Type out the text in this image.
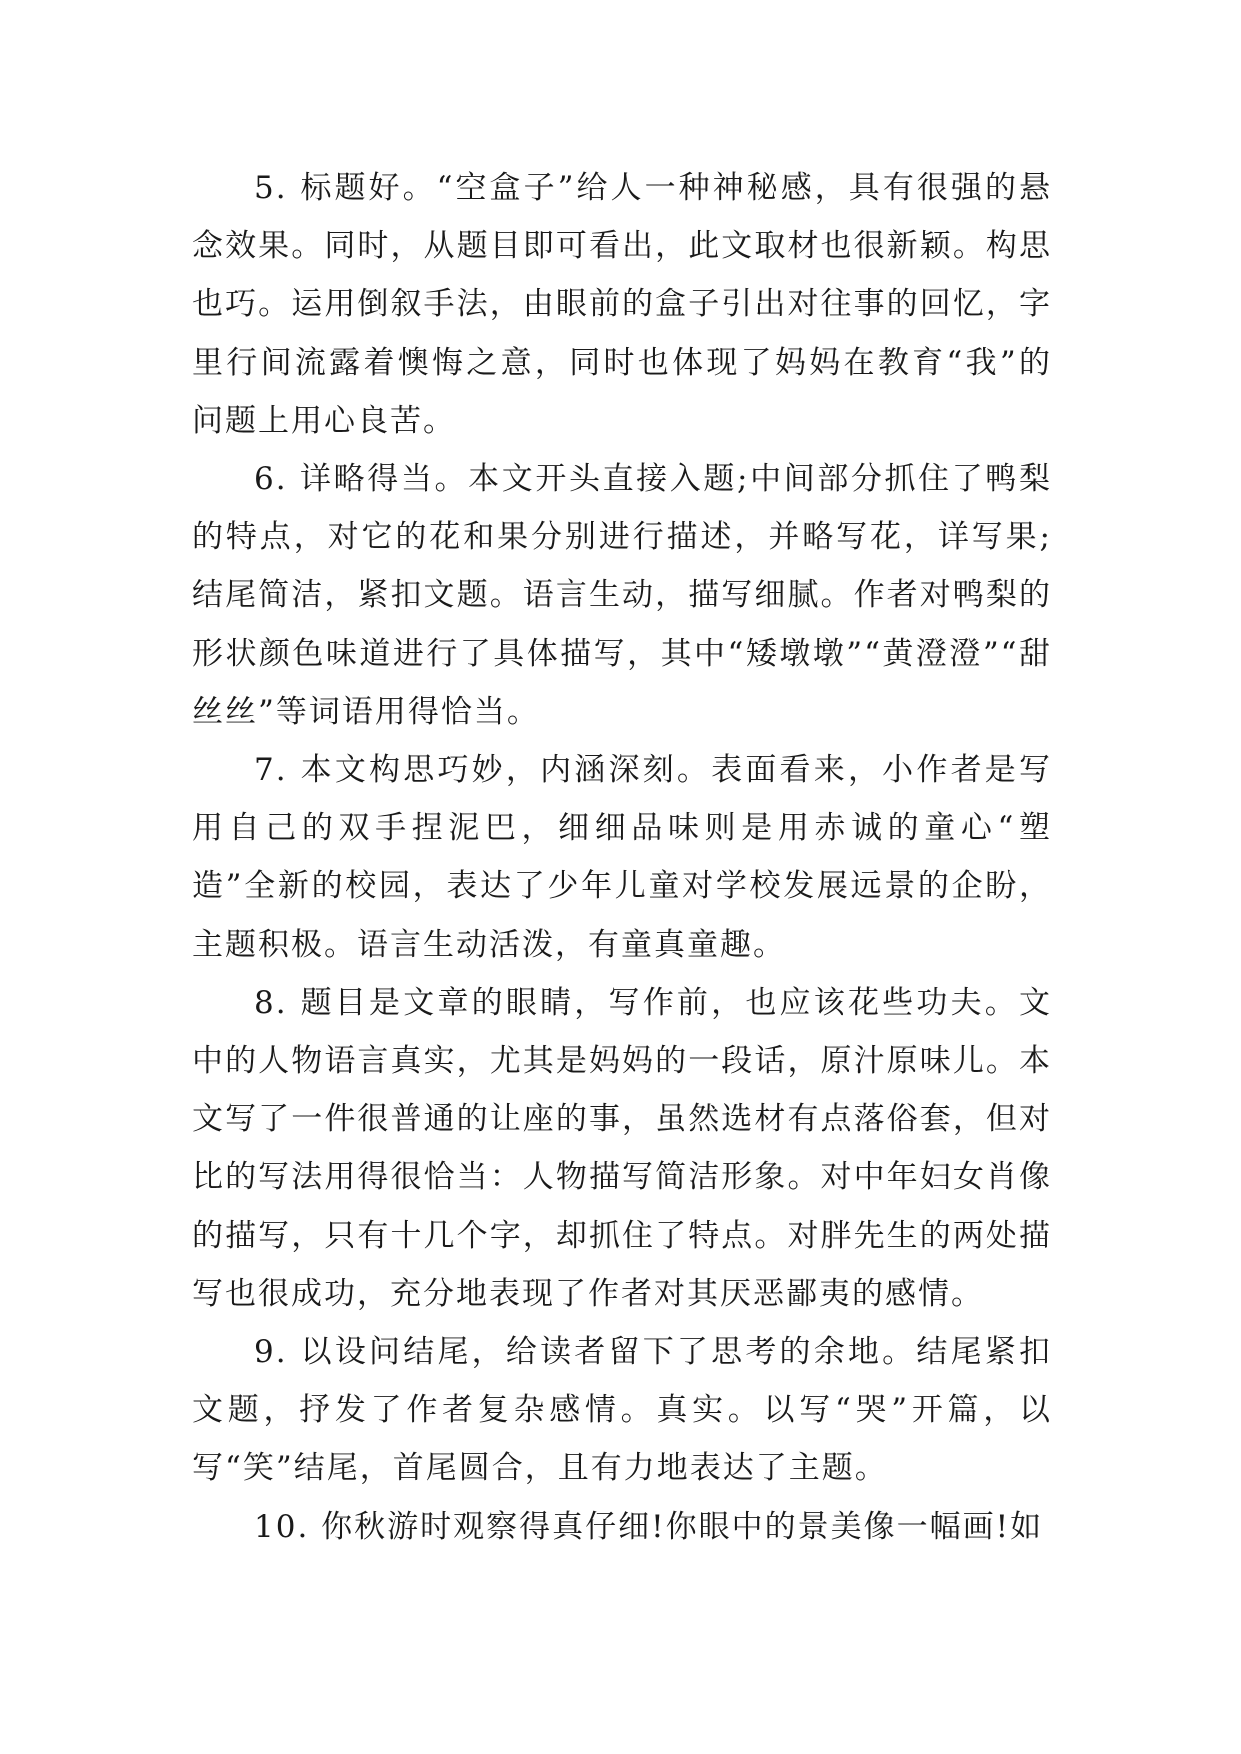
5. 标题好。“空盒子”给人一种神秘感，具有很强的悬念效果。同时，从题目即可看出，此文取材也很新颖。构思也巧。运用倒叙手法，由眼前的盒子引出对往事的回忆，字里行间流露着懊悔之意，同时也体现了妈妈在教育“我”的问题上用心良苦。

6. 详略得当。本文开头直接入题;中间部分抓住了鸭梨的特点，对它的花和果分别进行描述，并略写花，详写果;结尾简洁，紧扣文题。语言生动，描写细腻。作者对鸭梨的形状颜色味道进行了具体描写，其中“矮墩墩”“黄澄澄”“甜丝丝”等词语用得恰当。

7. 本文构思巧妙，内涵深刻。表面看来，小作者是写用自己的双手捏泥巴，细细品味则是用赤诚的童心“塑造”全新的校园，表达了少年儿童对学校发展远景的企盼，主题积极。语言生动活泼，有童真童趣。

8. 题目是文章的眼睛，写作前，也应该花些功夫。文中的人物语言真实，尤其是妈妈的一段话，原汁原味儿。本文写了一件很普通的让座的事，虽然选材有点落俗套，但对比的写法用得很恰当：人物描写简洁形象。对中年妇女肖像的描写，只有十几个字，却抓住了特点。对胖先生的两处描写也很成功，充分地表现了作者对其厌恶鄙夷的感情。

9. 以设问结尾，给读者留下了思考的余地。结尾紧扣文题，抒发了作者复杂感情。真实。以写“哭”开篇，以写“笑”结尾，首尾圆合，且有力地表达了主题。

10. 你秋游时观察得真仔细!你眼中的景美像一幅画!如
